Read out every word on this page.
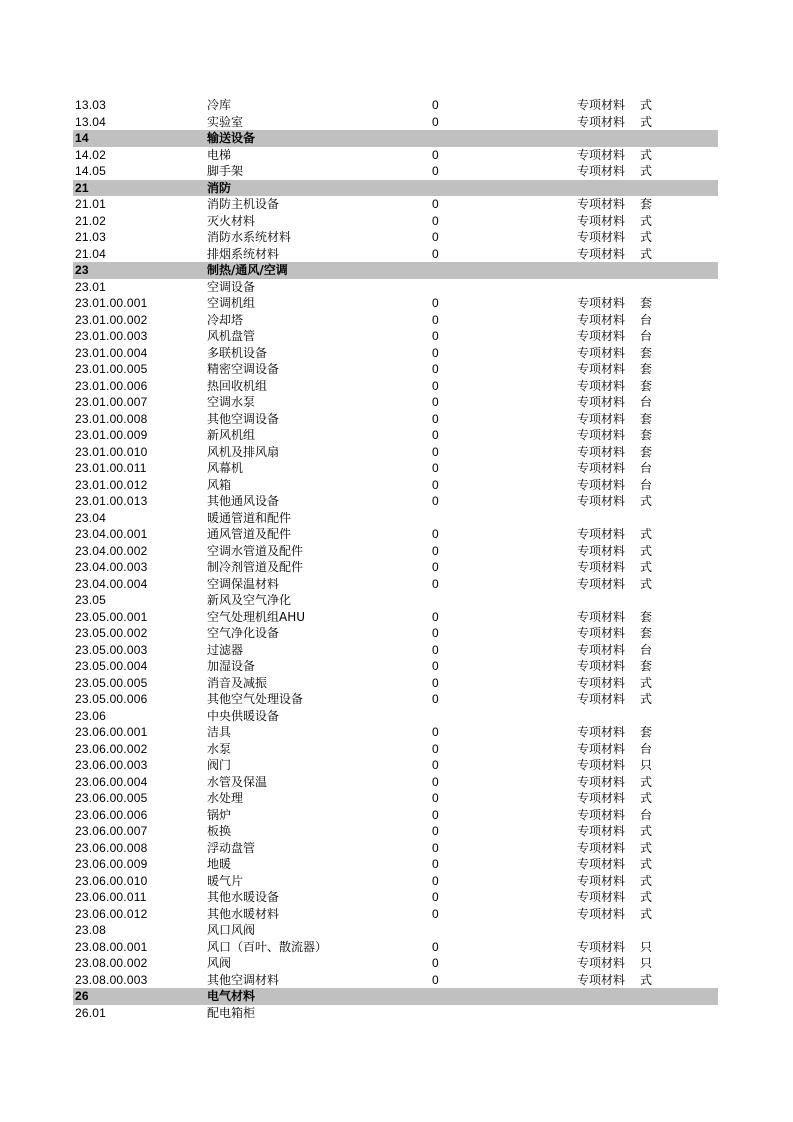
13.03	冷库	0	专项材料 式
13.04	实验室	0	专项材料 式
14	输送设备
14.02	电梯	0	专项材料 式
14.05	脚手架	0	专项材料 式
21	消防
21.01	消防主机设备	0	专项材料 套
21.02	灭火材料	0	专项材料 式
21.03	消防水系统材料	0	专项材料 式
21.04	排烟系统材料	0	专项材料 式
23	制热/通风/空调
23.01	空调设备
23.01.00.001	空调机组	0	专项材料 套
23.01.00.002	冷却塔	0	专项材料 台
23.01.00.003	风机盘管	0	专项材料 台
23.01.00.004	多联机设备	0	专项材料 套
23.01.00.005	精密空调设备	0	专项材料 套
23.01.00.006	热回收机组	0	专项材料 套
23.01.00.007	空调水泵	0	专项材料 台
23.01.00.008	其他空调设备	0	专项材料 套
23.01.00.009	新风机组	0	专项材料 套
23.01.00.010	风机及排风扇	0	专项材料 套
23.01.00.011	风幕机	0	专项材料 台
23.01.00.012	风箱	0	专项材料 台
23.01.00.013	其他通风设备	0	专项材料 式
23.04	暖通管道和配件
23.04.00.001	通风管道及配件	0	专项材料 式
23.04.00.002	空调水管道及配件	0	专项材料 式
23.04.00.003	制冷剂管道及配件	0	专项材料 式
23.04.00.004	空调保温材料	0	专项材料 式
23.05	新风及空气净化
23.05.00.001	空气处理机组AHU	0	专项材料 套
23.05.00.002	空气净化设备	0	专项材料 套
23.05.00.003	过滤器	0	专项材料 台
23.05.00.004	加湿设备	0	专项材料 套
23.05.00.005	消音及减振	0	专项材料 式
23.05.00.006	其他空气处理设备	0	专项材料 式
23.06	中央供暖设备
23.06.00.001	洁具	0	专项材料 套
23.06.00.002	水泵	0	专项材料 台
23.06.00.003	阀门	0	专项材料 只
23.06.00.004	水管及保温	0	专项材料 式
23.06.00.005	水处理	0	专项材料 式
23.06.00.006	锅炉	0	专项材料 台
23.06.00.007	板换	0	专项材料 式
23.06.00.008	浮动盘管	0	专项材料 式
23.06.00.009	地暖	0	专项材料 式
23.06.00.010	暖气片	0	专项材料 式
23.06.00.011	其他水暖设备	0	专项材料 式
23.06.00.012	其他水暖材料	0	专项材料 式
23.08	风口风阀
23.08.00.001	风口（百叶、散流器）	0	专项材料 只
23.08.00.002	风阀	0	专项材料 只
23.08.00.003	其他空调材料	0	专项材料 式
26	电气材料
26.01	配电箱柜
